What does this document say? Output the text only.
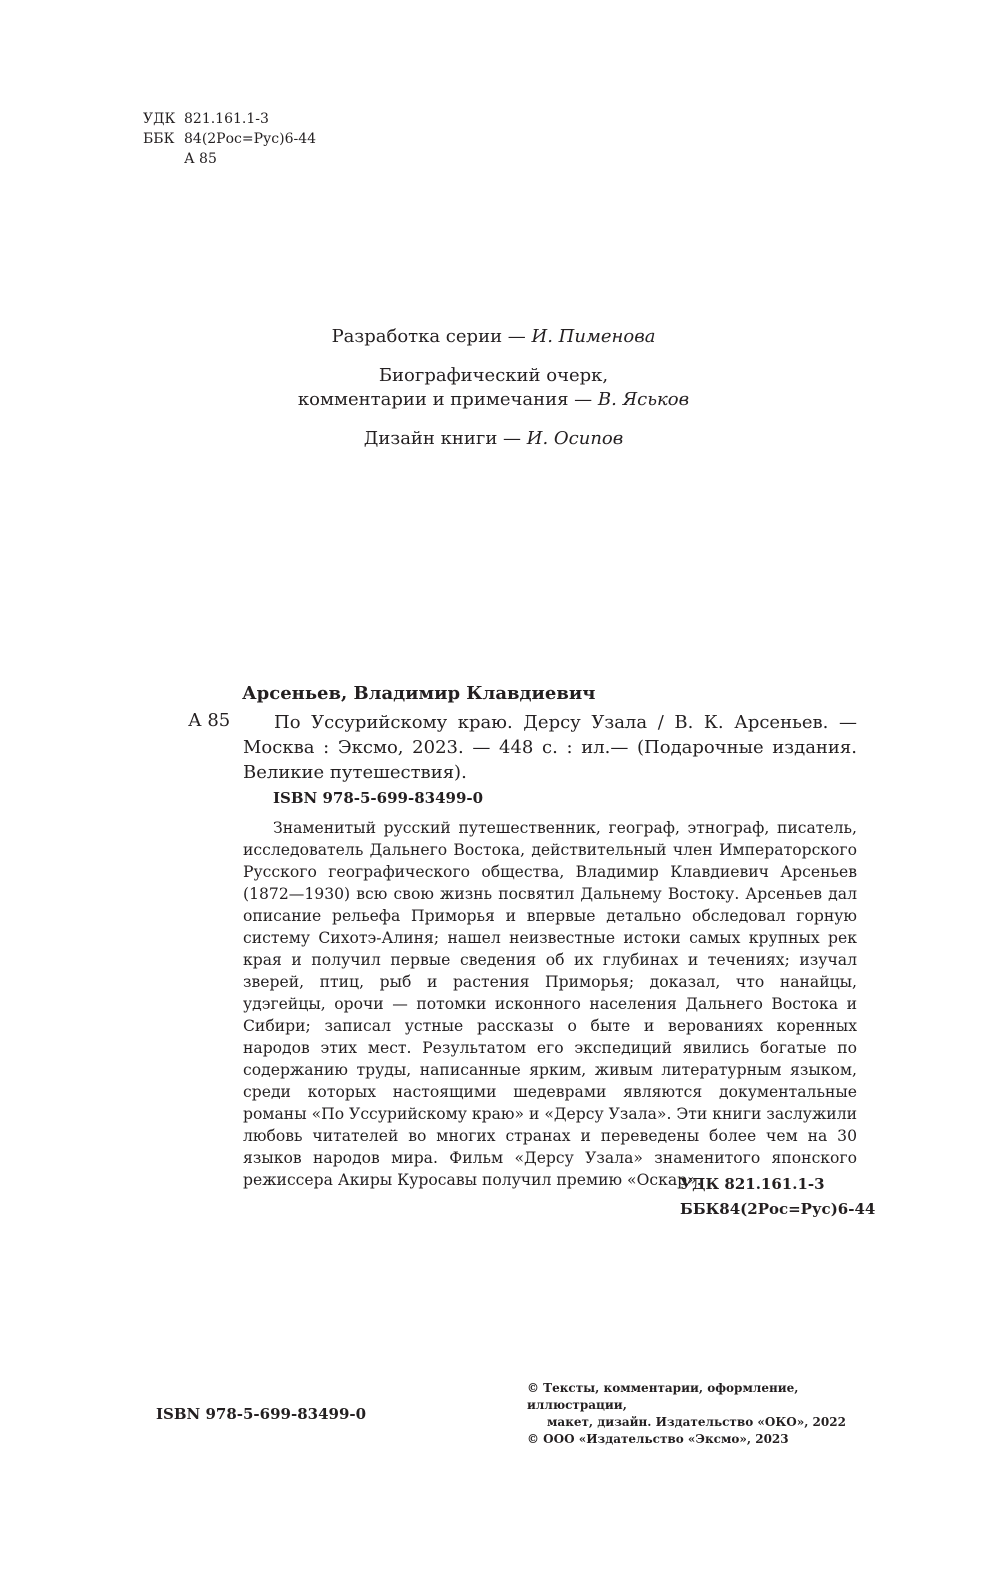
УДК 821.161.1-3
ББК 84(2Рос=Рус)6-44
А 85
Разработка серии — И. Пименова
Биографический очерк,
комментарии и примечания — В. Яськов
Дизайн книги — И. Осипов
Арсеньев, Владимир Клавдиевич
А 85	По Уссурийскому краю. Дерсу Узала / В. К. Арсеньев. — Москва : Эксмо, 2023. — 448 с. : ил.— (Подарочные издания. Великие путешествия).
ISBN 978-5-699-83499-0
Знаменитый русский путешественник, географ, этнограф, писатель, исследователь Дальнего Востока, действительный член Императорского Русского географического общества, Владимир Клавдиевич Арсеньев (1872—1930) всю свою жизнь посвятил Дальнему Востоку. Арсеньев дал описание рельефа Приморья и впервые детально обследовал горную систему Сихотэ-Алиня; нашел неизвестные истоки самых крупных рек края и получил первые сведения об их глубинах и течениях; изучал зверей, птиц, рыб и растения Приморья; доказал, что нанайцы, удэгейцы, орочи — потомки исконного населения Дальнего Востока и Сибири; записал устные рассказы о быте и верованиях коренных народов этих мест. Результатом его экспедиций явились богатые по содержанию труды, написанные ярким, живым литературным языком, среди которых настоящими шедеврами являются документальные романы «По Уссурийскому краю» и «Дерсу Узала». Эти книги заслужили любовь читателей во многих странах и переведены более чем на 30 языков народов мира. Фильм «Дерсу Узала» знаменитого японского режиссера Акиры Куросавы получил премию «Оскар».
УДК 821.161.1-3
ББК84(2Рос=Рус)6-44
ISBN 978-5-699-83499-0
© Тексты, комментарии, оформление, иллюстрации,
макет, дизайн. Издательство «ОКО», 2022
© ООО «Издательство «Эксмо», 2023
